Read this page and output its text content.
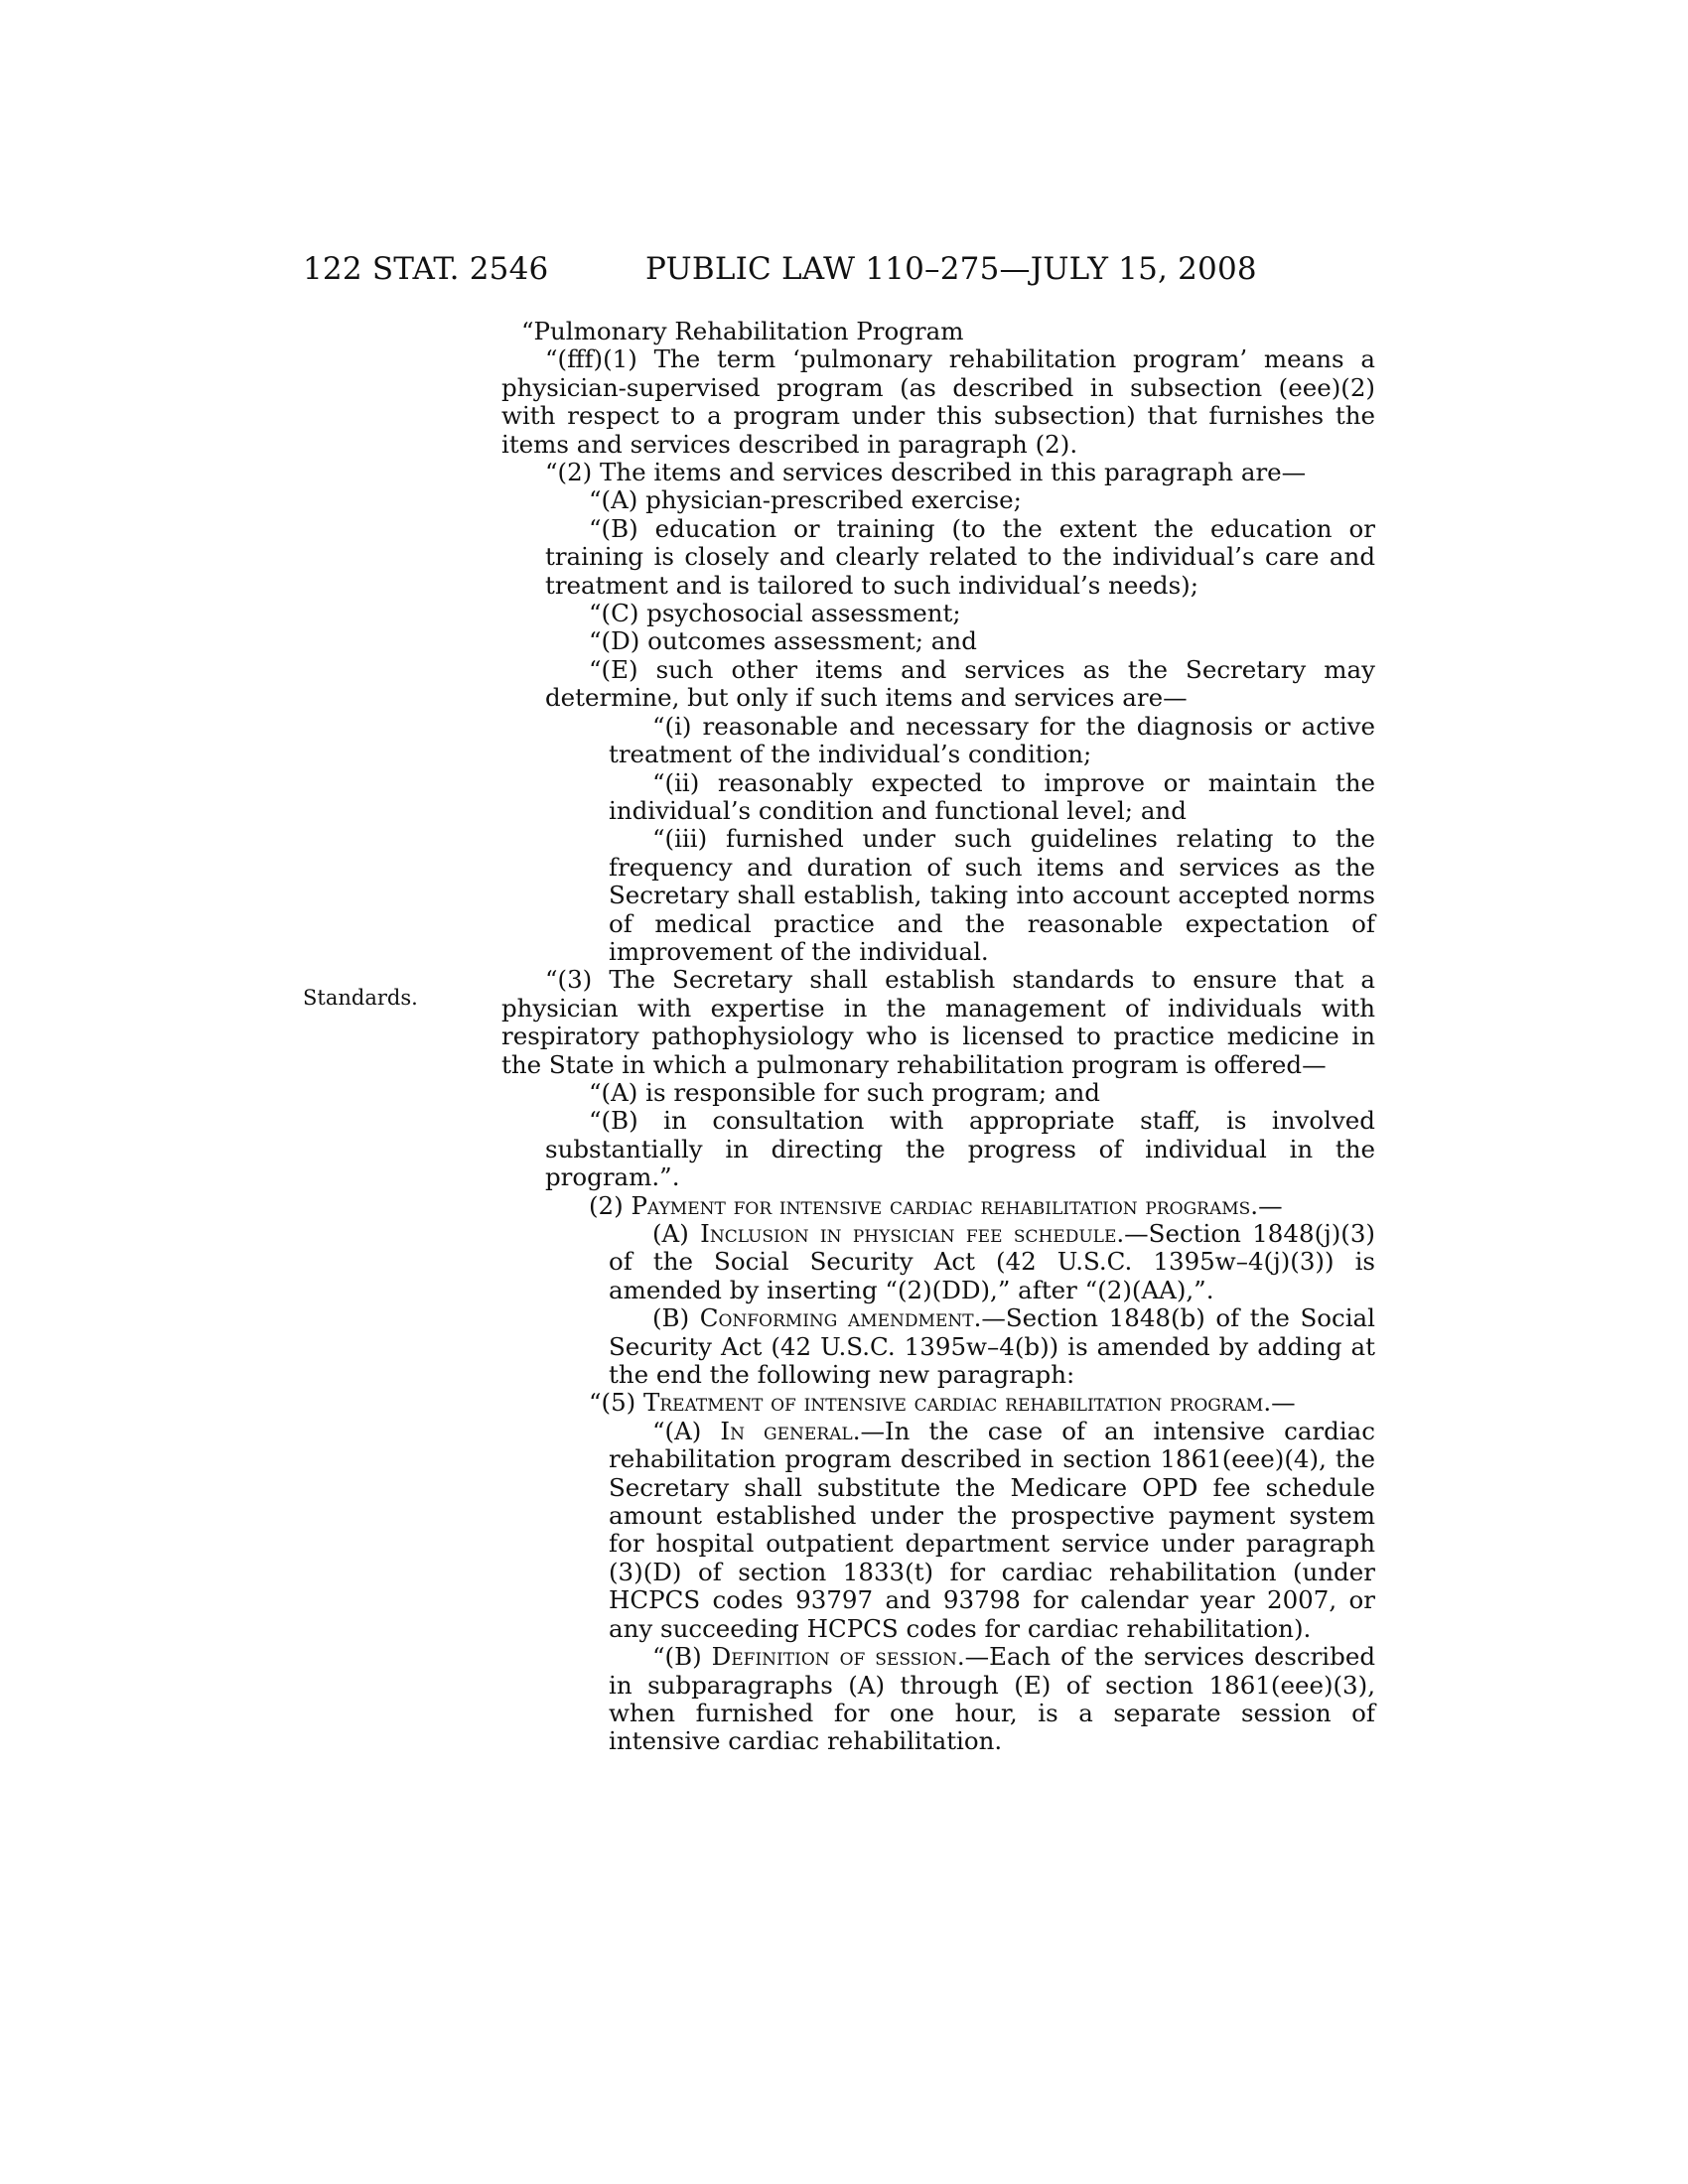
122 STAT. 2546	PUBLIC LAW 110–275—JULY 15, 2008
Standards.

“Pulmonary Rehabilitation Program

“(fff)(1) The term ‘pulmonary rehabilitation program’ means a physician-supervised program (as described in subsection (eee)(2) with respect to a program under this subsection) that furnishes the items and services described in paragraph (2).

“(2) The items and services described in this paragraph are—

“(A) physician-prescribed exercise;

“(B) education or training (to the extent the education or training is closely and clearly related to the individual’s care and treatment and is tailored to such individual’s needs);

“(C) psychosocial assessment;

“(D) outcomes assessment; and

“(E) such other items and services as the Secretary may determine, but only if such items and services are—

“(i) reasonable and necessary for the diagnosis or active treatment of the individual’s condition;

“(ii) reasonably expected to improve or maintain the individual’s condition and functional level; and

“(iii) furnished under such guidelines relating to the frequency and duration of such items and services as the Secretary shall establish, taking into account accepted norms of medical practice and the reasonable expectation of improvement of the individual.

“(3) The Secretary shall establish standards to ensure that a physician with expertise in the management of individuals with respiratory pathophysiology who is licensed to practice medicine in the State in which a pulmonary rehabilitation program is offered—

“(A) is responsible for such program; and

“(B) in consultation with appropriate staff, is involved substantially in directing the progress of individual in the program.”.

(2) Payment for intensive cardiac rehabilitation programs.—

(A) Inclusion in physician fee schedule.—Section 1848(j)(3) of the Social Security Act (42 U.S.C. 1395w–4(j)(3)) is amended by inserting “(2)(DD),” after “(2)(AA),”.

(B) Conforming amendment.—Section 1848(b) of the Social Security Act (42 U.S.C. 1395w–4(b)) is amended by adding at the end the following new paragraph:

“(5) Treatment of intensive cardiac rehabilitation program.—

“(A) In general.—In the case of an intensive cardiac rehabilitation program described in section 1861(eee)(4), the Secretary shall substitute the Medicare OPD fee schedule amount established under the prospective payment system for hospital outpatient department service under paragraph (3)(D) of section 1833(t) for cardiac rehabilitation (under HCPCS codes 93797 and 93798 for calendar year 2007, or any succeeding HCPCS codes for cardiac rehabilitation).

“(B) Definition of session.—Each of the services described in subparagraphs (A) through (E) of section 1861(eee)(3), when furnished for one hour, is a separate session of intensive cardiac rehabilitation.
